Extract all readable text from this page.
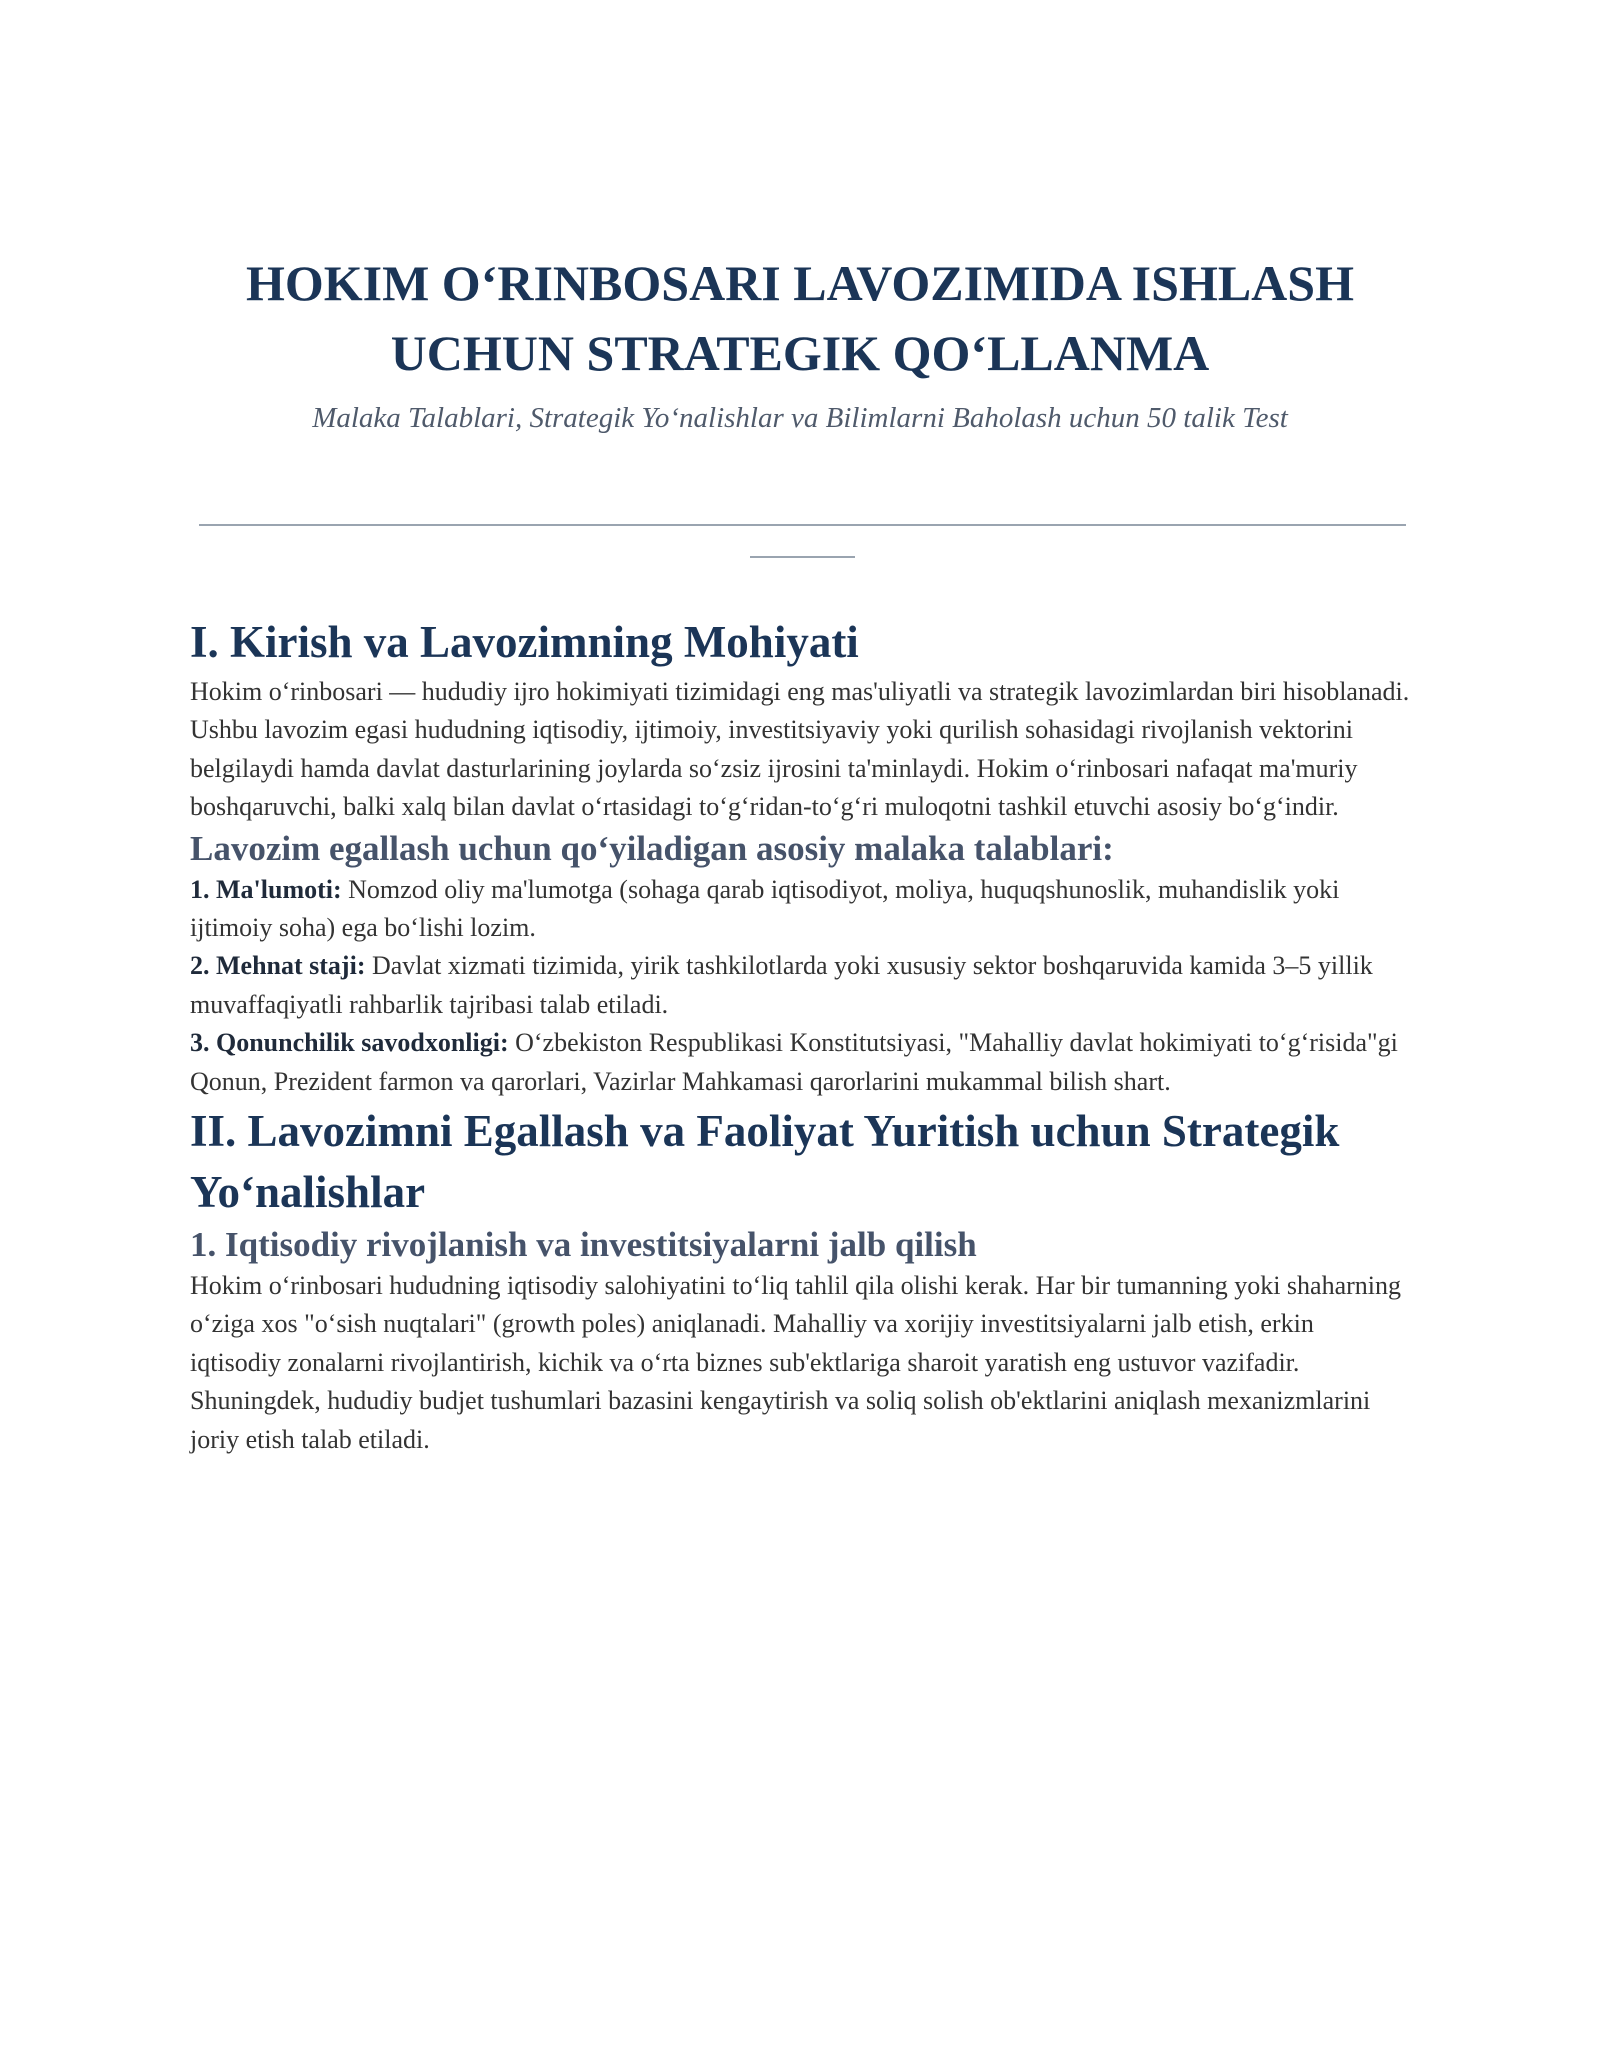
HOKIM O‘RINBOSARI LAVOZIMIDA ISHLASH UCHUN STRATEGIK QO‘LLANMA

Malaka Talablari, Strategik Yo‘nalishlar va Bilimlarni Baholash uchun 50 talik Test

I. Kirish va Lavozimning Mohiyati

Hokim o‘rinbosari — hududiy ijro hokimiyati tizimidagi eng mas'uliyatli va strategik lavozimlardan biri hisoblanadi. Ushbu lavozim egasi hududning iqtisodiy, ijtimoiy, investitsiyaviy yoki qurilish sohasidagi rivojlanish vektorini belgilaydi hamda davlat dasturlarining joylarda so‘zsiz ijrosini ta'minlaydi. Hokim o‘rinbosari nafaqat ma'muriy boshqaruvchi, balki xalq bilan davlat o‘rtasidagi to‘g‘ridan-to‘g‘ri muloqotni tashkil etuvchi asosiy bo‘g‘indir.

Lavozim egallash uchun qo‘yiladigan asosiy malaka talablari:

1. Ma'lumoti: Nomzod oliy ma'lumotga (sohaga qarab iqtisodiyot, moliya, huquqshunoslik, muhandislik yoki ijtimoiy soha) ega bo‘lishi lozim.

2. Mehnat staji: Davlat xizmati tizimida, yirik tashkilotlarda yoki xususiy sektor boshqaruvida kamida 3–5 yillik muvaffaqiyatli rahbarlik tajribasi talab etiladi.

3. Qonunchilik savodxonligi: O‘zbekiston Respublikasi Konstitutsiyasi, "Mahalliy davlat hokimiyati to‘g‘risida"gi Qonun, Prezident farmon va qarorlari, Vazirlar Mahkamasi qarorlarini mukammal bilish shart.

II. Lavozimni Egallash va Faoliyat Yuritish uchun Strategik Yo‘nalishlar
1. Iqtisodiy rivojlanish va investitsiyalarni jalb qilish

Hokim o‘rinbosari hududning iqtisodiy salohiyatini to‘liq tahlil qila olishi kerak. Har bir tumanning yoki shaharning o‘ziga xos "o‘sish nuqtalari" (growth poles) aniqlanadi. Mahalliy va xorijiy investitsiyalarni jalb etish, erkin iqtisodiy zonalarni rivojlantirish, kichik va o‘rta biznes sub'ektlariga sharoit yaratish eng ustuvor vazifadir. Shuningdek, hududiy budjet tushumlari bazasini kengaytirish va soliq solish ob'ektlarini aniqlash mexanizmlarini joriy etish talab etiladi.
